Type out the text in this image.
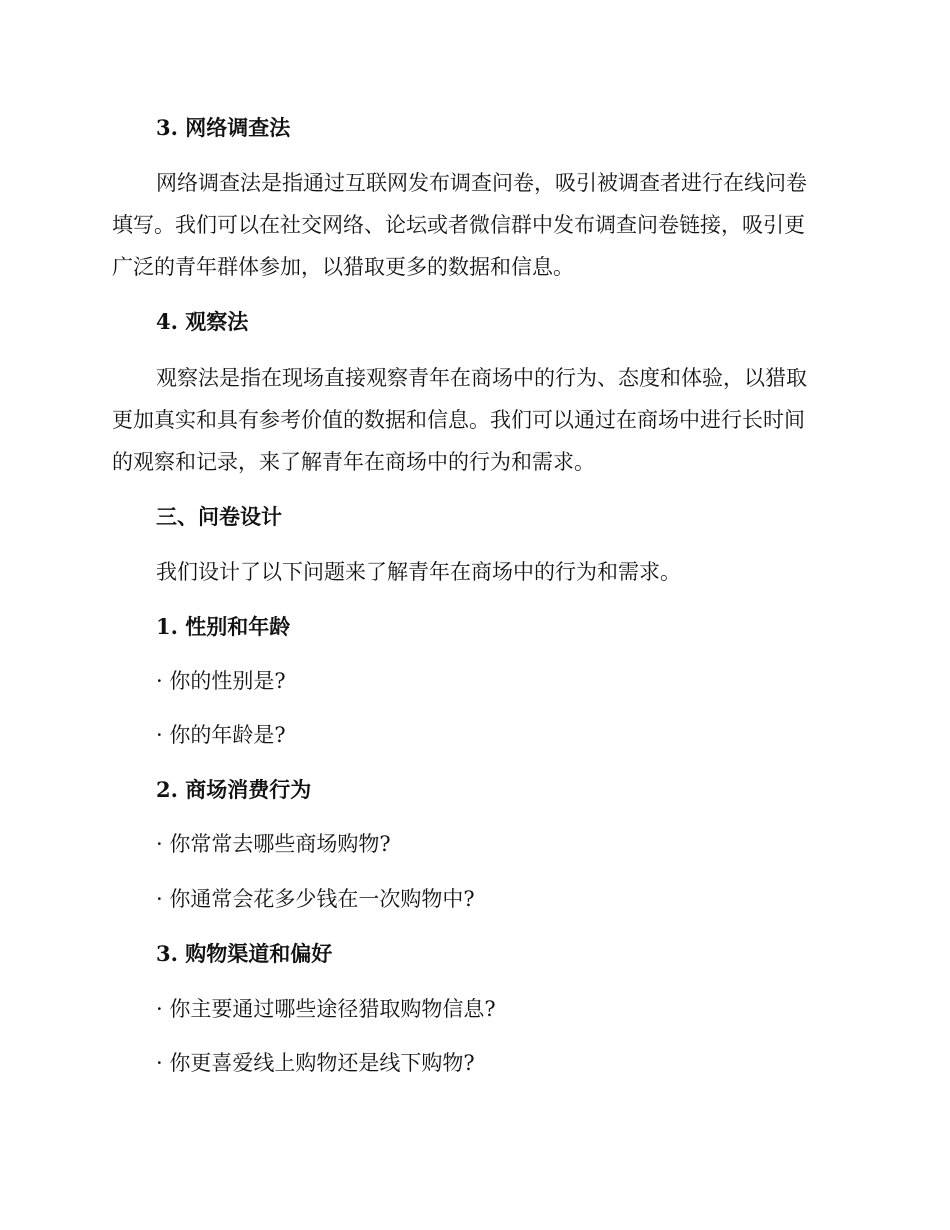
3. 网络调查法
网络调查法是指通过互联网发布调查问卷，吸引被调查者进行在线问卷
填写。我们可以在社交网络、论坛或者微信群中发布调查问卷链接，吸引更
广泛的青年群体参加，以猎取更多的数据和信息。
4. 观察法
观察法是指在现场直接观察青年在商场中的行为、态度和体验，以猎取
更加真实和具有参考价值的数据和信息。我们可以通过在商场中进行长时间
的观察和记录，来了解青年在商场中的行为和需求。
三、问卷设计
我们设计了以下问题来了解青年在商场中的行为和需求。
1. 性别和年龄
· 你的性别是?
· 你的年龄是?
2. 商场消费行为
· 你常常去哪些商场购物?
· 你通常会花多少钱在一次购物中?
3. 购物渠道和偏好
· 你主要通过哪些途径猎取购物信息?
· 你更喜爱线上购物还是线下购物?
